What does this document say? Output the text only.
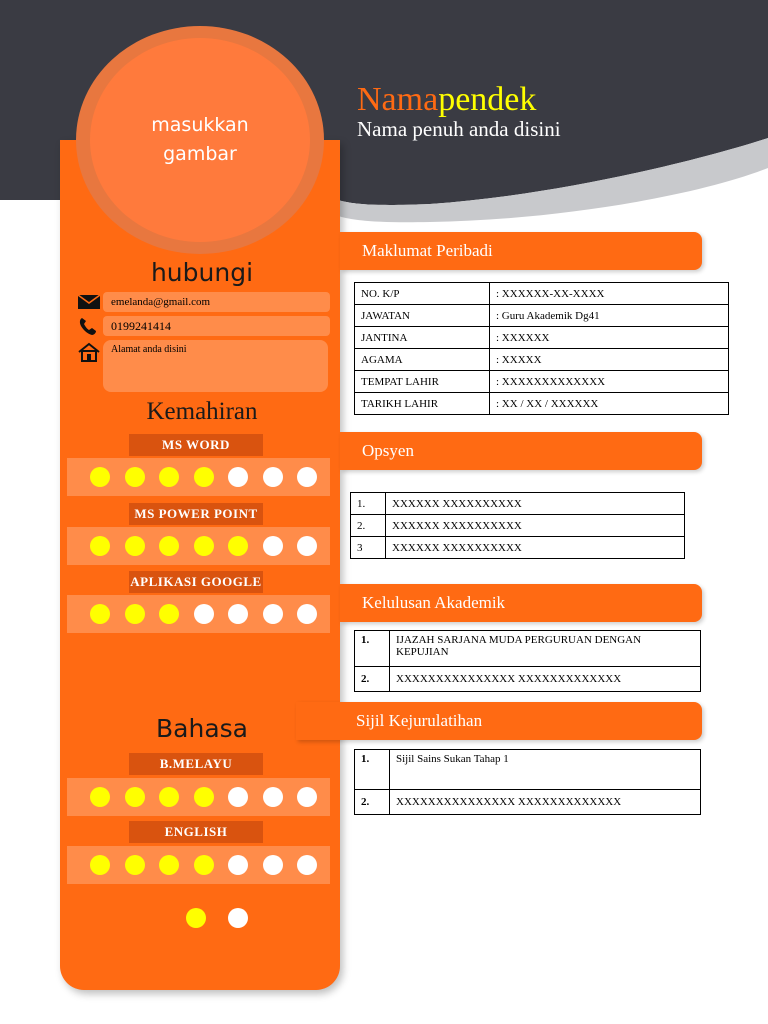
Namapendek
Nama penuh anda disini
masukkan gambar
hubungi
emelanda@gmail.com
0199241414
Alamat anda disini
Kemahiran
MS WORD
MS POWER POINT
APLIKASI GOOGLE
Bahasa
B.MELAYU
ENGLISH
Maklumat Peribadi
NO. K/P	: XXXXXX-XX-XXXX
JAWATAN	: Guru Akademik Dg41
JANTINA	: XXXXXX
AGAMA	: XXXXX
TEMPAT LAHIR	: XXXXXXXXXXXXX
TARIKH LAHIR	: XX / XX / XXXXXX
Opsyen
1.	XXXXXX XXXXXXXXXX
2.	XXXXXX XXXXXXXXXX
3	XXXXXX XXXXXXXXXX
Kelulusan Akademik
1.	IJAZAH SARJANA MUDA PERGURUAN DENGAN KEPUJIAN
2.	XXXXXXXXXXXXXXX XXXXXXXXXXXXX
Sijil Kejurulatihan
1.	Sijil Sains Sukan Tahap 1
2.	XXXXXXXXXXXXXXX XXXXXXXXXXXXX
